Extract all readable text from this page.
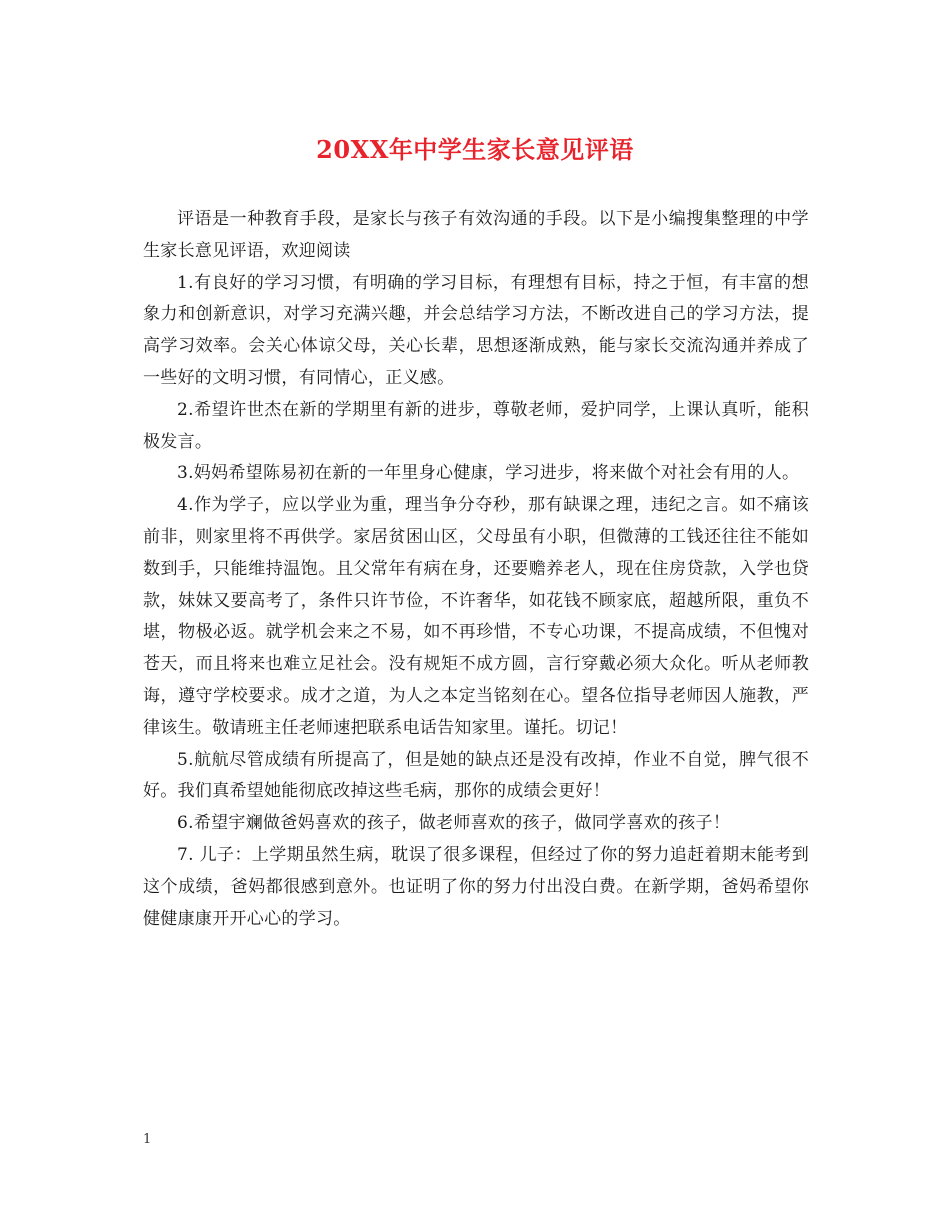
20XX年中学生家长意见评语

评语是一种教育手段，是家长与孩子有效沟通的手段。以下是小编搜集整理的中学生家长意见评语，欢迎阅读

1.有良好的学习习惯，有明确的学习目标，有理想有目标，持之于恒，有丰富的想象力和创新意识，对学习充满兴趣，并会总结学习方法，不断改进自己的学习方法，提高学习效率。会关心体谅父母，关心长辈，思想逐渐成熟，能与家长交流沟通并养成了一些好的文明习惯，有同情心，正义感。

2.希望许世杰在新的学期里有新的进步，尊敬老师，爱护同学，上课认真听，能积极发言。

3.妈妈希望陈易初在新的一年里身心健康，学习进步，将来做个对社会有用的人。

4.作为学子，应以学业为重，理当争分夺秒，那有缺课之理，违纪之言。如不痛该前非，则家里将不再供学。家居贫困山区，父母虽有小职，但微薄的工钱还往往不能如数到手，只能维持温饱。且父常年有病在身，还要赡养老人，现在住房贷款，入学也贷款，妹妹又要高考了，条件只许节俭，不许奢华，如花钱不顾家底，超越所限，重负不堪，物极必返。就学机会来之不易，如不再珍惜，不专心功课，不提高成绩，不但愧对苍天，而且将来也难立足社会。没有规矩不成方圆，言行穿戴必须大众化。听从老师教诲，遵守学校要求。成才之道，为人之本定当铭刻在心。望各位指导老师因人施教，严律该生。敬请班主任老师速把联系电话告知家里。谨托。切记！

5.航航尽管成绩有所提高了，但是她的缺点还是没有改掉，作业不自觉，脾气很不好。我们真希望她能彻底改掉这些毛病，那你的成绩会更好！

6.希望宇斓做爸妈喜欢的孩子，做老师喜欢的孩子，做同学喜欢的孩子！

7. 儿子：上学期虽然生病，耽误了很多课程，但经过了你的努力追赶着期末能考到这个成绩，爸妈都很感到意外。也证明了你的努力付出没白费。在新学期，爸妈希望你健健康康开开心心的学习。

1
